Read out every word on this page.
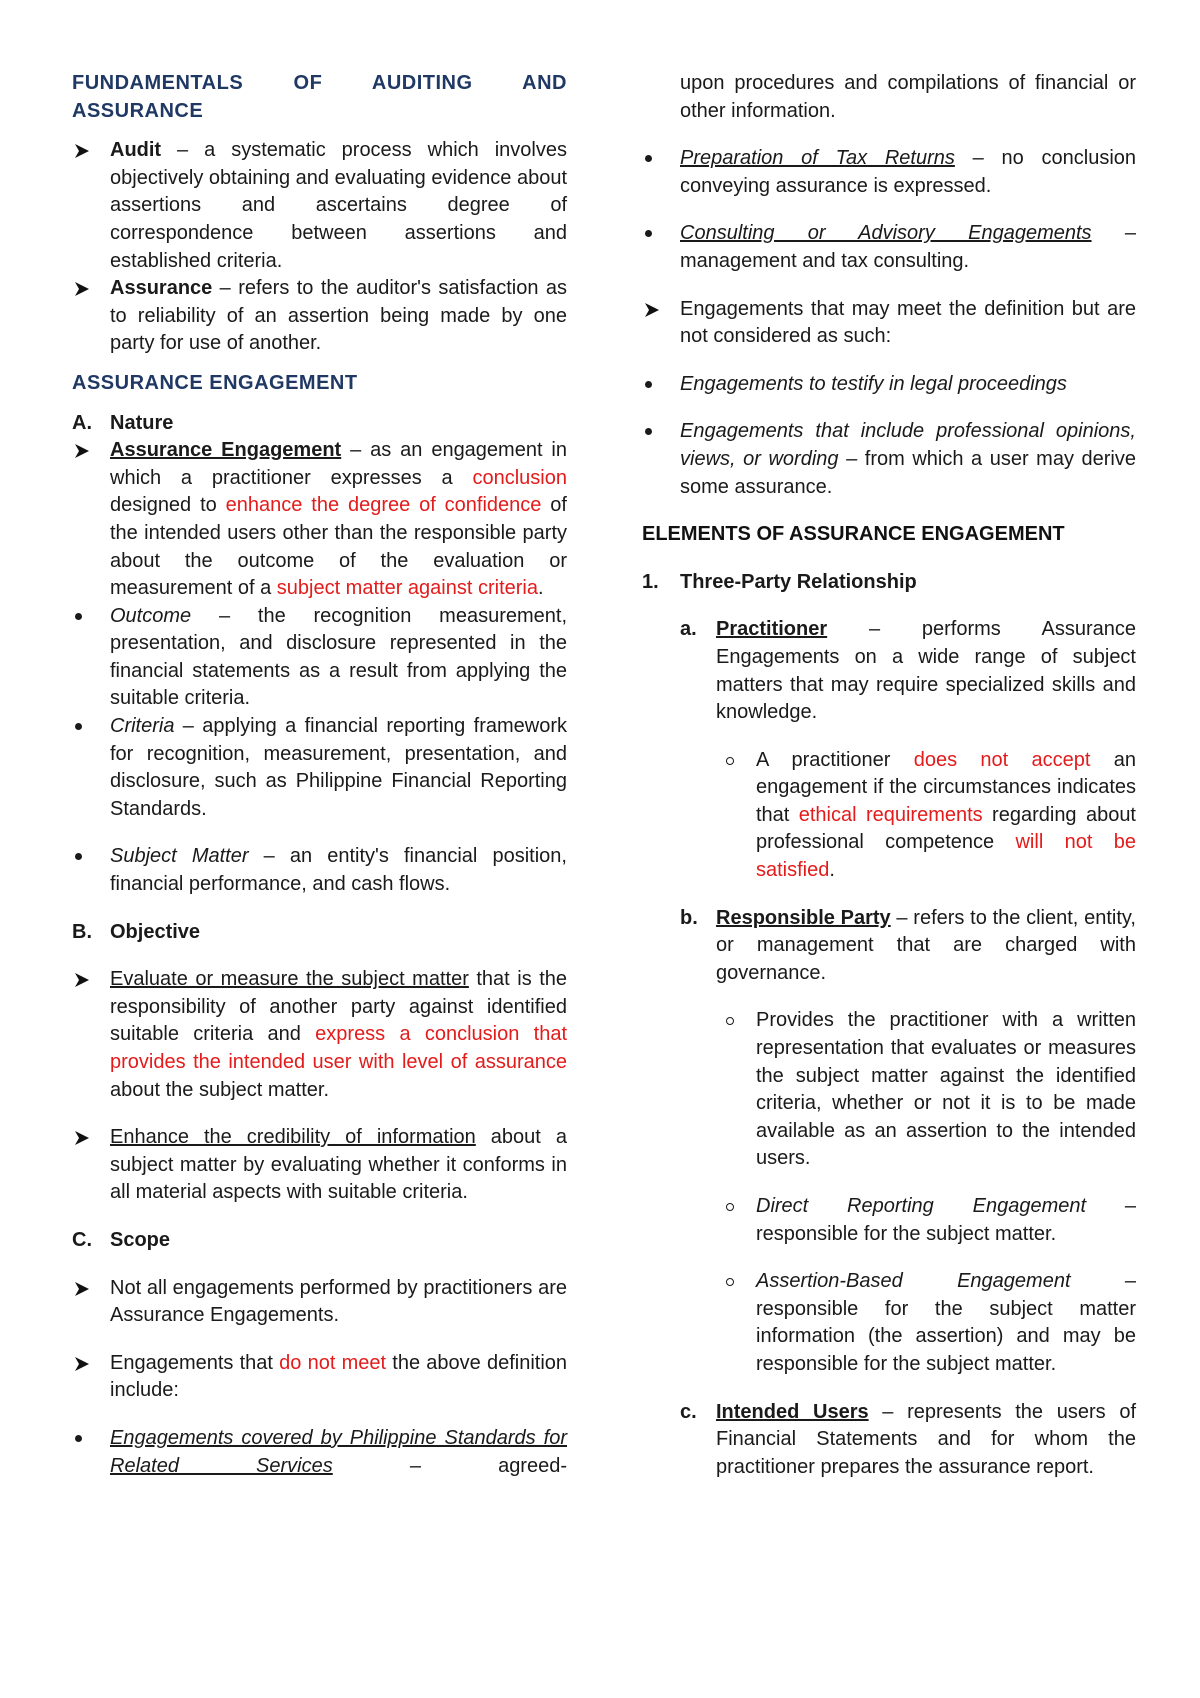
FUNDAMENTALS OF AUDITING AND ASSURANCE
Audit – a systematic process which involves objectively obtaining and evaluating evidence about assertions and ascertains degree of correspondence between assertions and established criteria.
Assurance – refers to the auditor's satisfaction as to reliability of an assertion being made by one party for use of another.
ASSURANCE ENGAGEMENT
A. Nature
Assurance Engagement – as an engagement in which a practitioner expresses a conclusion designed to enhance the degree of confidence of the intended users other than the responsible party about the outcome of the evaluation or measurement of a subject matter against criteria.
Outcome – the recognition measurement, presentation, and disclosure represented in the financial statements as a result from applying the suitable criteria.
Criteria – applying a financial reporting framework for recognition, measurement, presentation, and disclosure, such as Philippine Financial Reporting Standards.
Subject Matter – an entity's financial position, financial performance, and cash flows.
B. Objective
Evaluate or measure the subject matter that is the responsibility of another party against identified suitable criteria and express a conclusion that provides the intended user with level of assurance about the subject matter.
Enhance the credibility of information about a subject matter by evaluating whether it conforms in all material aspects with suitable criteria.
C. Scope
Not all engagements performed by practitioners are Assurance Engagements.
Engagements that do not meet the above definition include:
Engagements covered by Philippine Standards for Related Services – agreed-
upon procedures and compilations of financial or other information.
Preparation of Tax Returns – no conclusion conveying assurance is expressed.
Consulting or Advisory Engagements – management and tax consulting.
Engagements that may meet the definition but are not considered as such:
Engagements to testify in legal proceedings
Engagements that include professional opinions, views, or wording – from which a user may derive some assurance.
ELEMENTS OF ASSURANCE ENGAGEMENT
1. Three-Party Relationship
a. Practitioner – performs Assurance Engagements on a wide range of subject matters that may require specialized skills and knowledge.
A practitioner does not accept an engagement if the circumstances indicates that ethical requirements regarding about professional competence will not be satisfied.
b. Responsible Party – refers to the client, entity, or management that are charged with governance.
Provides the practitioner with a written representation that evaluates or measures the subject matter against the identified criteria, whether or not it is to be made available as an assertion to the intended users.
Direct Reporting Engagement – responsible for the subject matter.
Assertion-Based Engagement – responsible for the subject matter information (the assertion) and may be responsible for the subject matter.
c. Intended Users – represents the users of Financial Statements and for whom the practitioner prepares the assurance report.
